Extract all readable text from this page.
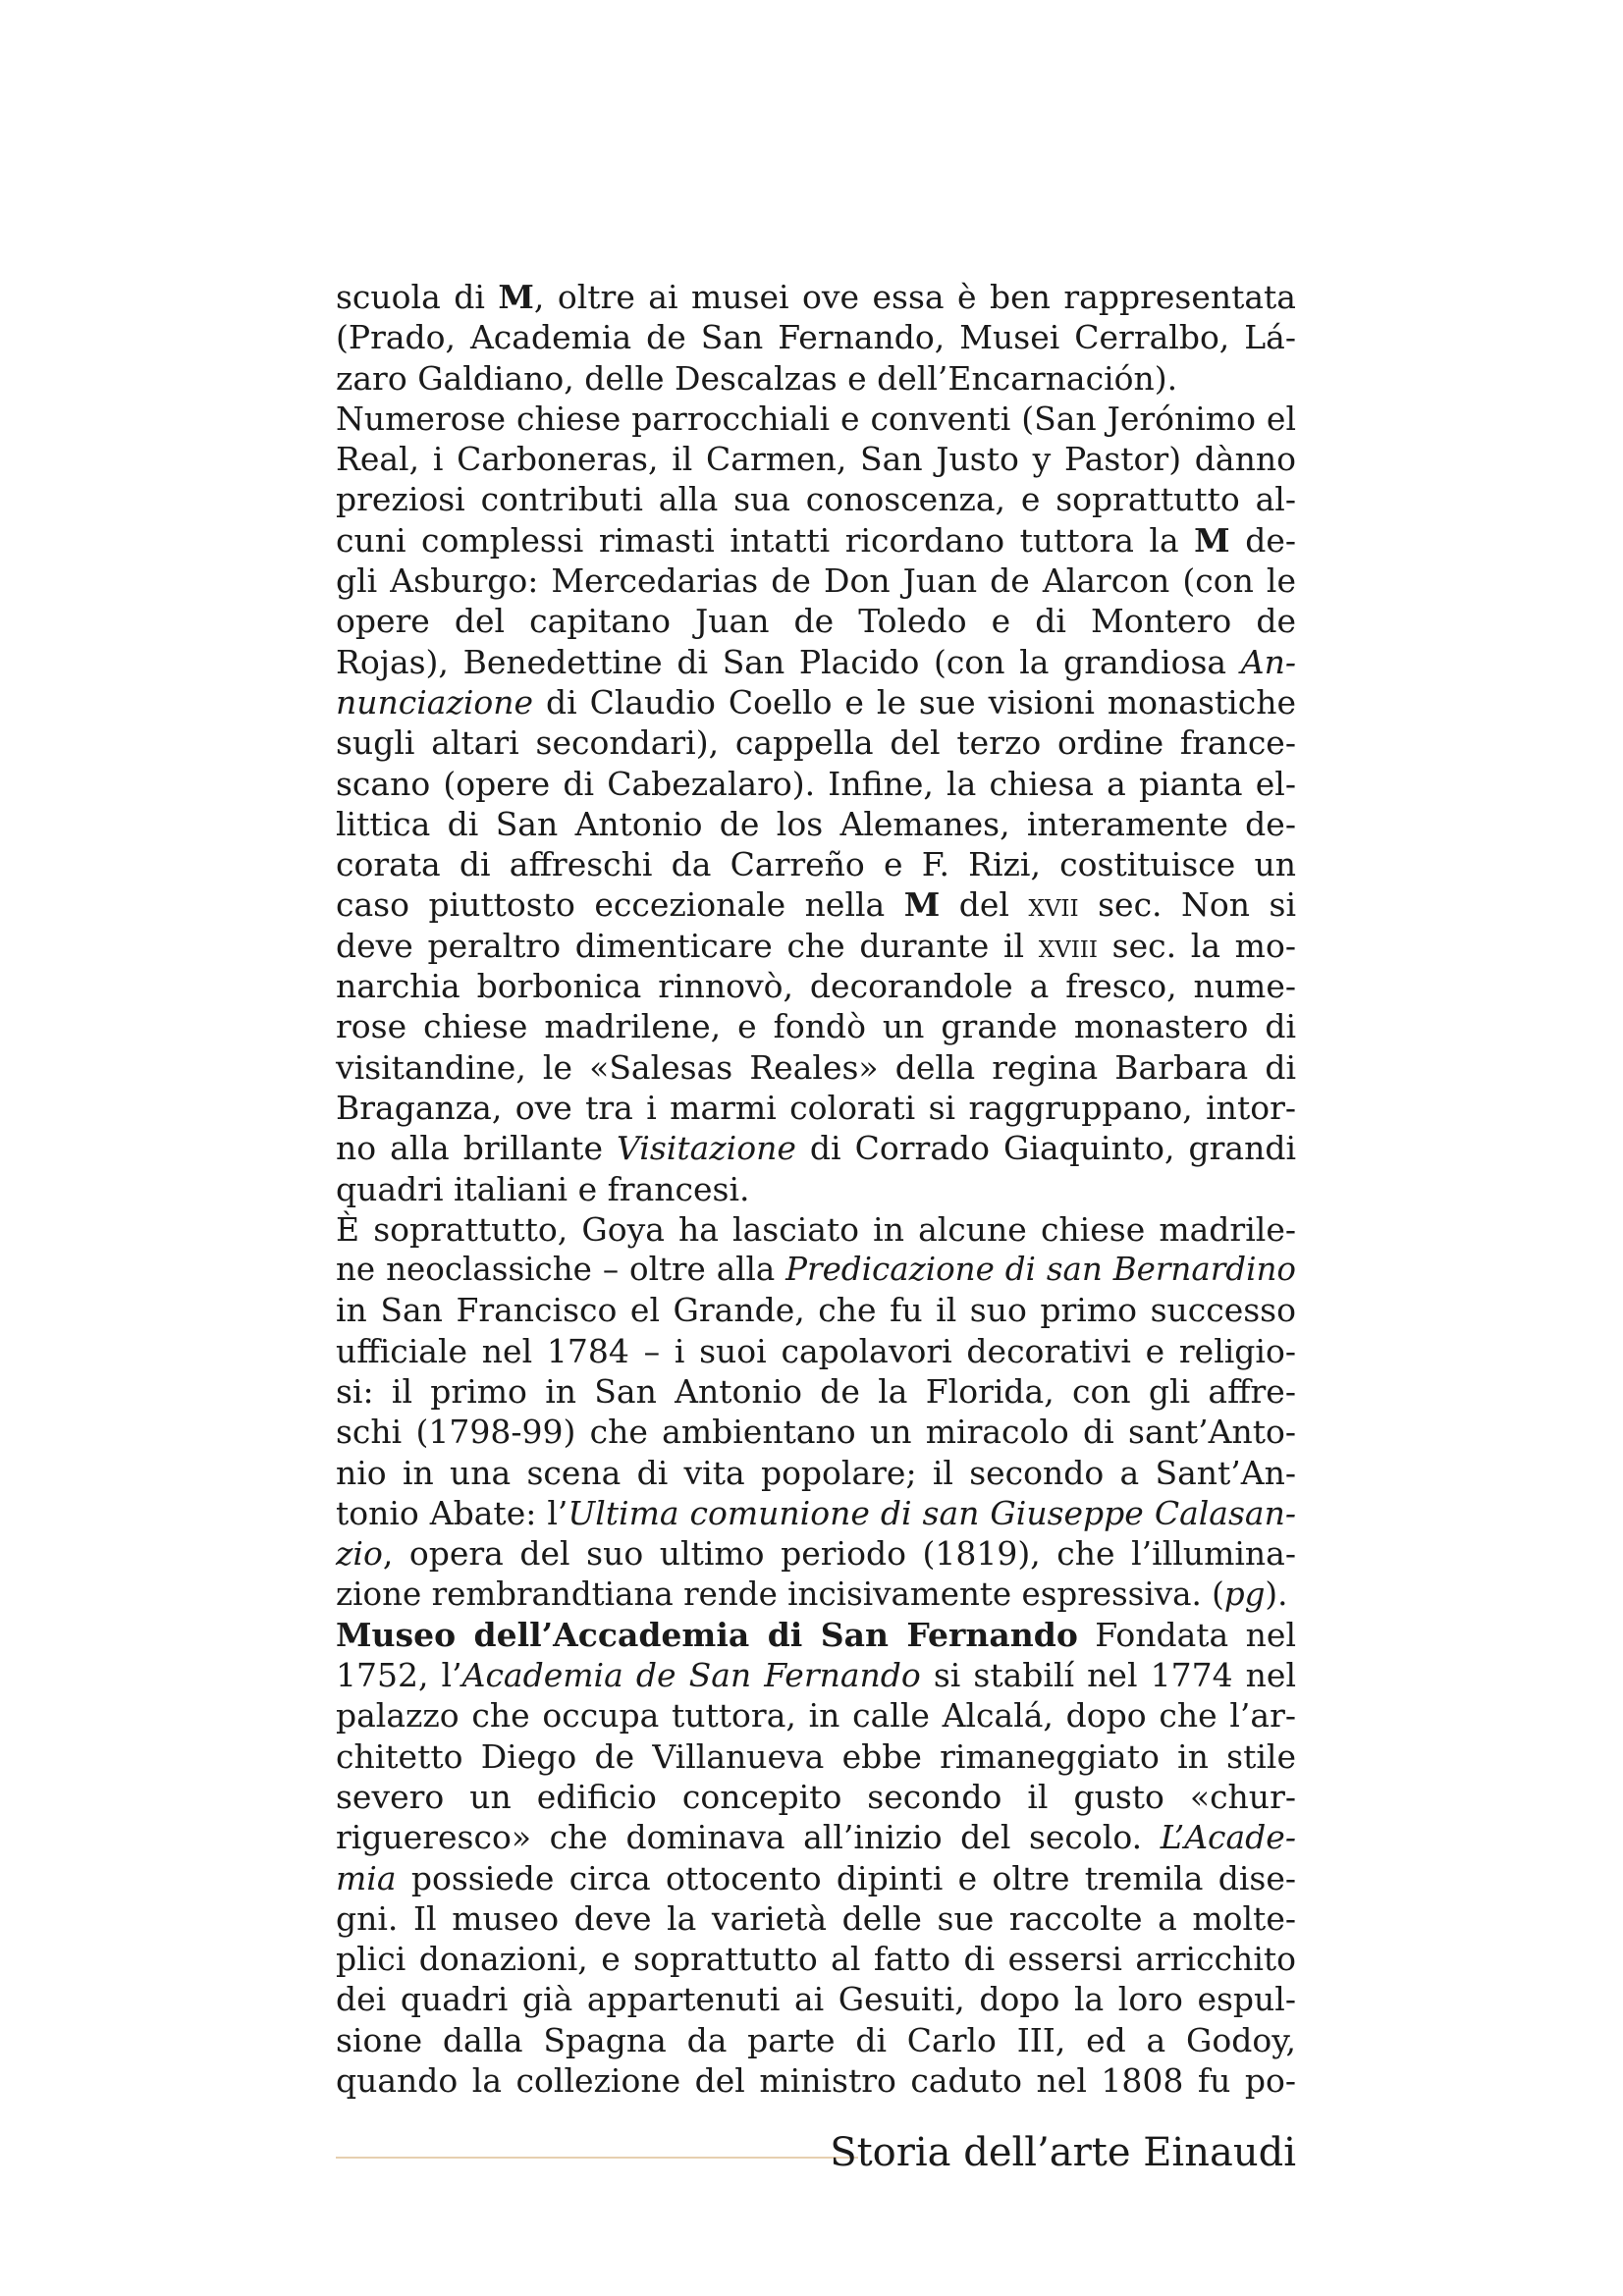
scuola di M, oltre ai musei ove essa è ben rappresentata
(Prado, Academia de San Fernando, Musei Cerralbo, Lá-
zaro Galdiano, delle Descalzas e dell’Encarnación).
Numerose chiese parrocchiali e conventi (San Jerónimo el
Real, i Carboneras, il Carmen, San Justo y Pastor) dànno
preziosi contributi alla sua conoscenza, e soprattutto al-
cuni complessi rimasti intatti ricordano tuttora la M de-
gli Asburgo: Mercedarias de Don Juan de Alarcon (con le
opere del capitano Juan de Toledo e di Montero de
Rojas), Benedettine di San Placido (con la grandiosa An-
nunciazione di Claudio Coello e le sue visioni monastiche
sugli altari secondari), cappella del terzo ordine france-
scano (opere di Cabezalaro). Infine, la chiesa a pianta el-
littica di San Antonio de los Alemanes, interamente de-
corata di affreschi da Carreño e F. Rizi, costituisce un
caso piuttosto eccezionale nella M del xvii sec. Non si
deve peraltro dimenticare che durante il xviii sec. la mo-
narchia borbonica rinnovò, decorandole a fresco, nume-
rose chiese madrilene, e fondò un grande monastero di
visitandine, le «Salesas Reales» della regina Barbara di
Braganza, ove tra i marmi colorati si raggruppano, intor-
no alla brillante Visitazione di Corrado Giaquinto, grandi
quadri italiani e francesi.
È soprattutto, Goya ha lasciato in alcune chiese madrile-
ne neoclassiche – oltre alla Predicazione di san Bernardino
in San Francisco el Grande, che fu il suo primo successo
ufficiale nel 1784 – i suoi capolavori decorativi e religio-
si: il primo in San Antonio de la Florida, con gli affre-
schi (1798-99) che ambientano un miracolo di sant’Anto-
nio in una scena di vita popolare; il secondo a Sant’An-
tonio Abate: l’Ultima comunione di san Giuseppe Calasan-
zio, opera del suo ultimo periodo (1819), che l’illumina-
zione rembrandtiana rende incisivamente espressiva. (pg).
Museo dell’Accademia di San Fernando Fondata nel
1752, l’Academia de San Fernando si stabilí nel 1774 nel
palazzo che occupa tuttora, in calle Alcalá, dopo che l’ar-
chitetto Diego de Villanueva ebbe rimaneggiato in stile
severo un edificio concepito secondo il gusto «chur-
rigueresco» che dominava all’inizio del secolo. L’Acade-
mia possiede circa ottocento dipinti e oltre tremila dise-
gni. Il museo deve la varietà delle sue raccolte a molte-
plici donazioni, e soprattutto al fatto di essersi arricchito
dei quadri già appartenuti ai Gesuiti, dopo la loro espul-
sione dalla Spagna da parte di Carlo III, ed a Godoy,
quando la collezione del ministro caduto nel 1808 fu po-
Storia dell’arte Einaudi
